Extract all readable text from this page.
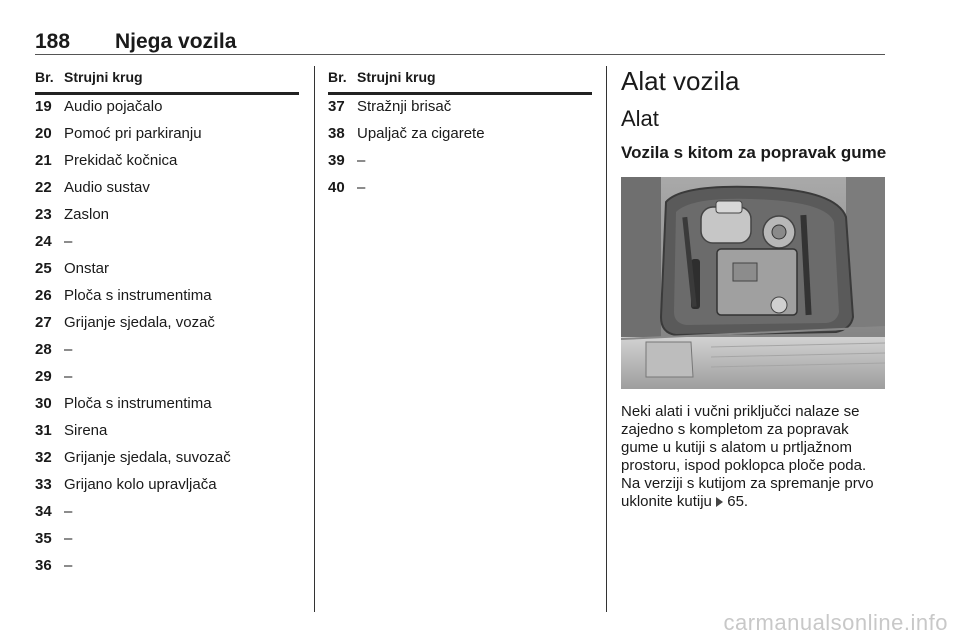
188 Njega vozila
Br. Strujni krug
19 Audio pojačalo
20 Pomoć pri parkiranju
21 Prekidač kočnica
22 Audio sustav
23 Zaslon
24 –
25 Onstar
26 Ploča s instrumentima
27 Grijanje sjedala, vozač
28 –
29 –
30 Ploča s instrumentima
31 Sirena
32 Grijanje sjedala, suvozač
33 Grijano kolo upravljača
34 –
35 –
36 –
Br. Strujni krug
37 Stražnji brisač
38 Upaljač za cigarete
39 –
40 –
Alat vozila
Alat
Vozila s kitom za popravak gume
Neki alati i vučni priključci nalaze se
zajedno s kompletom za popravak
gume u kutiji s alatom u prtljažnom
prostoru, ispod poklopca ploče poda.
Na verziji s kutijom za spremanje prvo
uklonite kutiju 65.
carmanualsonline.info
